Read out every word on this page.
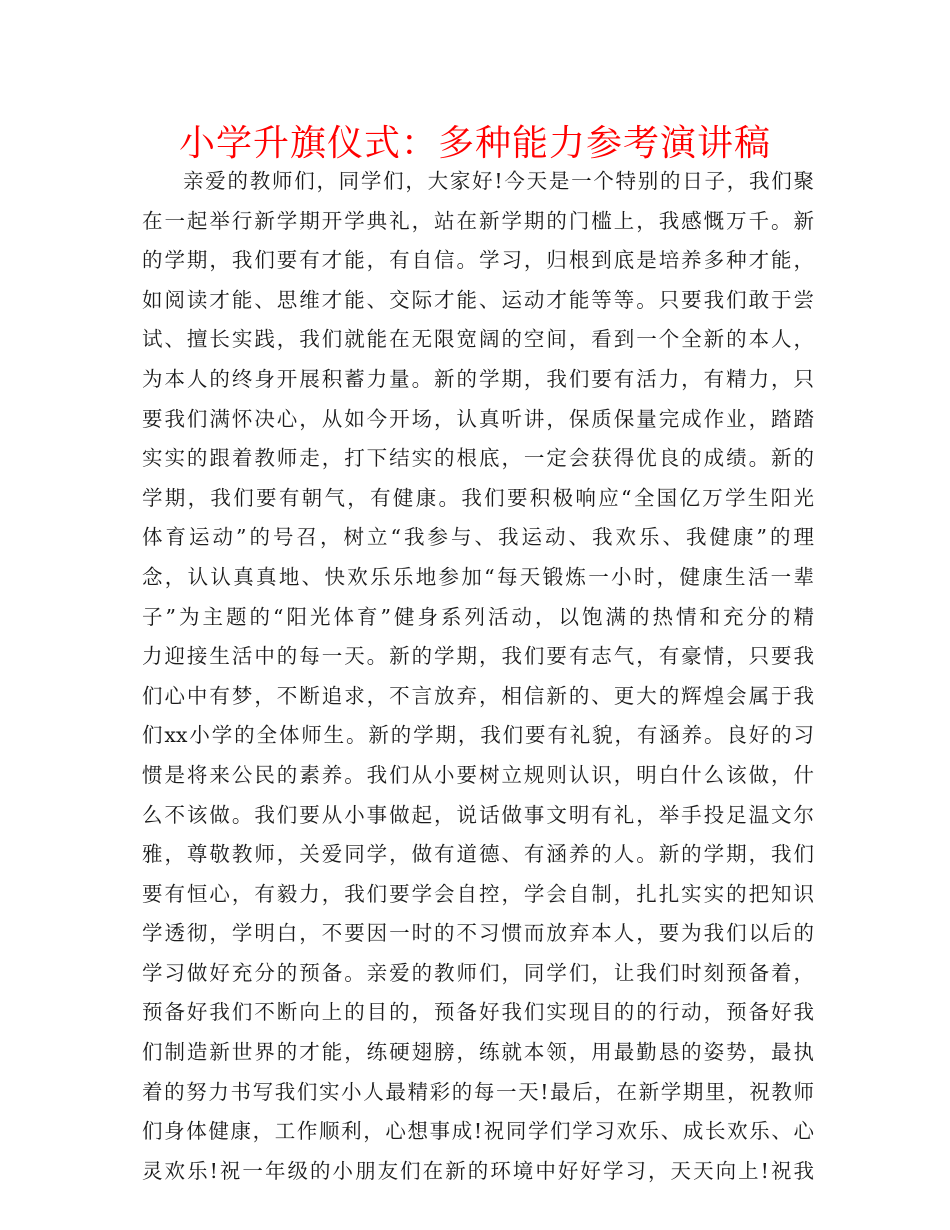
小学升旗仪式：多种能力参考演讲稿
亲爱的教师们，同学们，大家好!今天是一个特别的日子，我们聚
在一起举行新学期开学典礼，站在新学期的门槛上，我感慨万千。新
的学期，我们要有才能，有自信。学习，归根到底是培养多种才能，
如阅读才能、思维才能、交际才能、运动才能等等。只要我们敢于尝
试、擅长实践，我们就能在无限宽阔的空间，看到一个全新的本人，
为本人的终身开展积蓄力量。新的学期，我们要有活力，有精力，只
要我们满怀决心，从如今开场，认真听讲，保质保量完成作业，踏踏
实实的跟着教师走，打下结实的根底，一定会获得优良的成绩。新的
学期，我们要有朝气，有健康。我们要积极响应“全国亿万学生阳光
体育运动”的号召，树立“我参与、我运动、我欢乐、我健康”的理
念，认认真真地、快欢乐乐地参加“每天锻炼一小时，健康生活一辈
子”为主题的“阳光体育”健身系列活动，以饱满的热情和充分的精
力迎接生活中的每一天。新的学期，我们要有志气，有豪情，只要我
们心中有梦，不断追求，不言放弃，相信新的、更大的辉煌会属于我
们xx小学的全体师生。新的学期，我们要有礼貌，有涵养。良好的习
惯是将来公民的素养。我们从小要树立规则认识，明白什么该做，什
么不该做。我们要从小事做起，说话做事文明有礼，举手投足温文尔
雅，尊敬教师，关爱同学，做有道德、有涵养的人。新的学期，我们
要有恒心，有毅力，我们要学会自控，学会自制，扎扎实实的把知识
学透彻，学明白，不要因一时的不习惯而放弃本人，要为我们以后的
学习做好充分的预备。亲爱的教师们，同学们，让我们时刻预备着，
预备好我们不断向上的目的，预备好我们实现目的的行动，预备好我
们制造新世界的才能，练硬翅膀，练就本领，用最勤恳的姿势，最执
着的努力书写我们实小人最精彩的每一天!最后，在新学期里，祝教师
们身体健康，工作顺利，心想事成!祝同学们学习欢乐、成长欢乐、心
灵欢乐!祝一年级的小朋友们在新的环境中好好学习，天天向上!祝我
